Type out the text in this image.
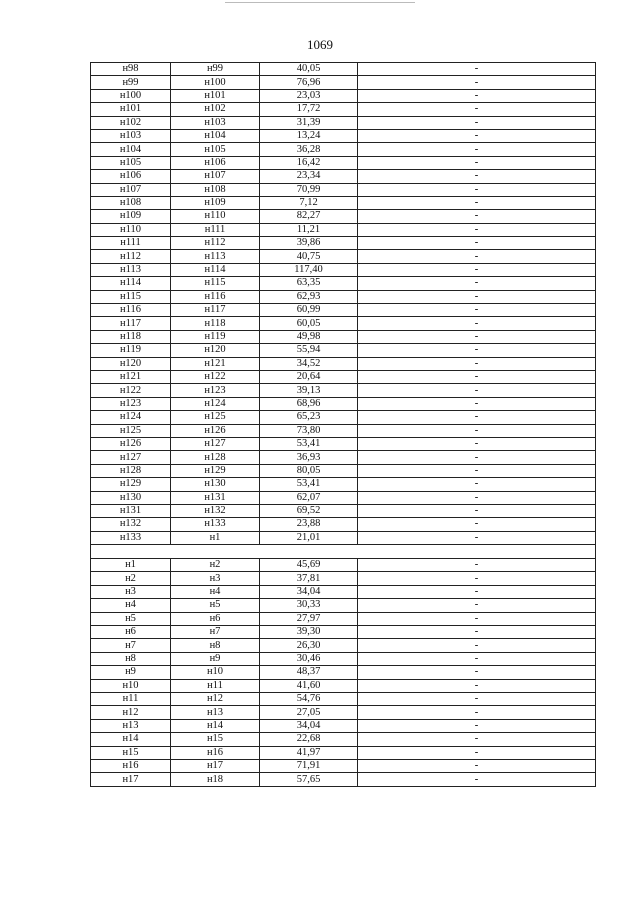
1069
н98	н99	40,05	-
н99	н100	76,96	-
н100	н101	23,03	-
н101	н102	17,72	-
н102	н103	31,39	-
н103	н104	13,24	-
н104	н105	36,28	-
н105	н106	16,42	-
н106	н107	23,34	-
н107	н108	70,99	-
н108	н109	7,12	-
н109	н110	82,27	-
н110	н111	11,21	-
н111	н112	39,86	-
н112	н113	40,75	-
н113	н114	117,40	-
н114	н115	63,35	-
н115	н116	62,93	-
н116	н117	60,99	-
н117	н118	60,05	-
н118	н119	49,98	-
н119	н120	55,94	-
н120	н121	34,52	-
н121	н122	20,64	-
н122	н123	39,13	-
н123	н124	68,96	-
н124	н125	65,23	-
н125	н126	73,80	-
н126	н127	53,41	-
н127	н128	36,93	-
н128	н129	80,05	-
н129	н130	53,41	-
н130	н131	62,07	-
н131	н132	69,52	-
н132	н133	23,88	-
н133	н1	21,01	-

н1	н2	45,69	-
н2	н3	37,81	-
н3	н4	34,04	-
н4	н5	30,33	-
н5	н6	27,97	-
н6	н7	39,30	-
н7	н8	26,30	-
н8	н9	30,46	-
н9	н10	48,37	-
н10	н11	41,60	-
н11	н12	54,76	-
н12	н13	27,05	-
н13	н14	34,04	-
н14	н15	22,68	-
н15	н16	41,97	-
н16	н17	71,91	-
н17	н18	57,65	-
